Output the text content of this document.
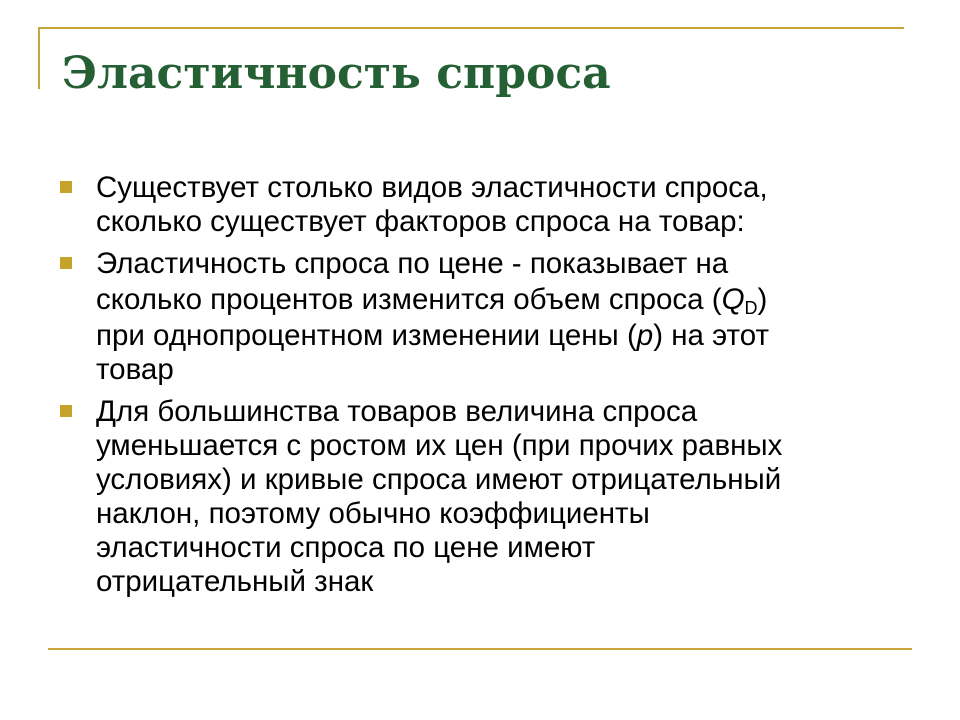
Эластичность спроса
Существует столько видов эластичности спроса,
сколько существует факторов спроса на товар:
Эластичность спроса по цене - показывает на
сколько процентов изменится объем спроса $(Q_D)$
при однопроцентном изменении цены (p) на этот
товар
Для большинства товаров величина спроса
уменьшается с ростом их цен (при прочих равных
условиях) и кривые спроса имеют отрицательный
наклон, поэтому обычно коэффициенты
эластичности спроса по цене имеют
отрицательный знак
